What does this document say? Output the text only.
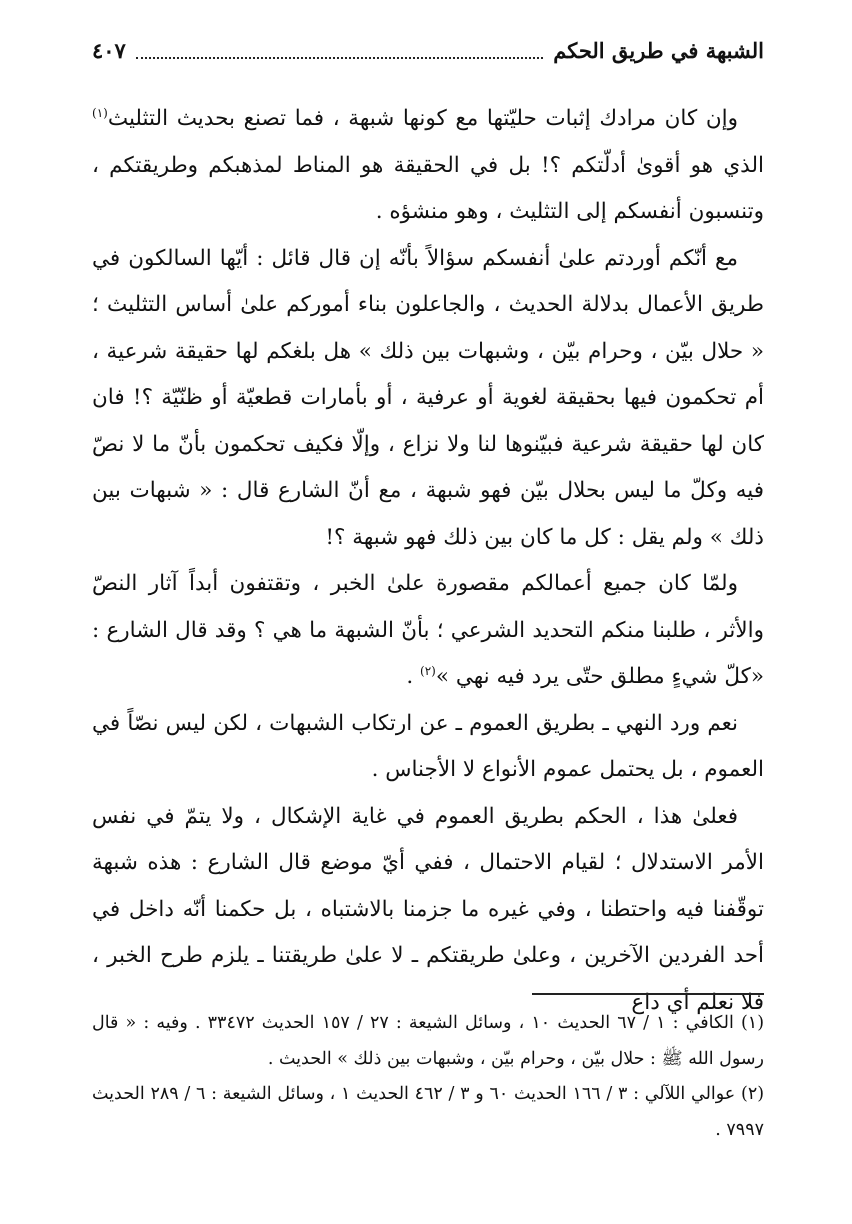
الشبهة في طريق الحكم
٤٠٧

وإن كان مرادك إثبات حليّتها مع كونها شبهة ، فما تصنع بحديث التثليث$^{(١)}$ الذي هو أقوىٰ أدلّتكم ؟! بل في الحقيقة هو المناط لمذهبكم وطريقتكم ، وتنسبون أنفسكم إلى التثليث ، وهو منشؤه .

مع أنّكم أوردتم علىٰ أنفسكم سؤالاً بأنّه إن قال قائل : أيّها السالكون في طريق الأعمال بدلالة الحديث ، والجاعلون بناء أموركم علىٰ أساس التثليث ؛ « حلال بيّن ، وحرام بيّن ، وشبهات بين ذلك » هل بلغكم لها حقيقة شرعية ، أم تحكمون فيها بحقيقة لغوية أو عرفية ، أو بأمارات قطعيّة أو ظنّيّة ؟! فان كان لها حقيقة شرعية فبيّنوها لنا ولا نزاع ، وإلّا فكيف تحكمون بأنّ ما لا نصّ فيه وكلّ ما ليس بحلال بيّن فهو شبهة ، مع أنّ الشارع قال : « شبهات بين ذلك » ولم يقل : كل ما كان بين ذلك فهو شبهة ؟!

ولمّا كان جميع أعمالكم مقصورة علىٰ الخبر ، وتقتفون أبداً آثار النصّ والأثر ، طلبنا منكم التحديد الشرعي ؛ بأنّ الشبهة ما هي ؟ وقد قال الشارع : «كلّ شيءٍ مطلق حتّى يرد فيه نهي »$^{(٢)}$ .

نعم ورد النهي ـ بطريق العموم ـ عن ارتكاب الشبهات ، لكن ليس نصّاً في العموم ، بل يحتمل عموم الأنواع لا الأجناس .

فعلىٰ هذا ، الحكم بطريق العموم في غاية الإشكال ، ولا يتمّ في نفس الأمر الاستدلال ؛ لقيام الاحتمال ، ففي أيّ موضع قال الشارع : هذه شبهة توقّفنا فيه واحتطنا ، وفي غيره ما جزمنا بالاشتباه ، بل حكمنا أنّه داخل في أحد الفردين الآخرين ، وعلىٰ طريقتكم ـ لا علىٰ طريقتنا ـ يلزم طرح الخبر ، فلا نعلم أي داع

(١) الكافي : ١ / ٦٧ الحديث ١٠ ، وسائل الشيعة : ٢٧ / ١٥٧ الحديث ٣٣٤٧٢ . وفيه : « قال رسول الله ﷺ : حلال بيّن ، وحرام بيّن ، وشبهات بين ذلك » الحديث .

(٢) عوالي اللآلي : ٣ / ١٦٦ الحديث ٦٠ و ٣ / ٤٦٢ الحديث ١ ، وسائل الشيعة : ٦ / ٢٨٩ الحديث ٧٩٩٧ .
